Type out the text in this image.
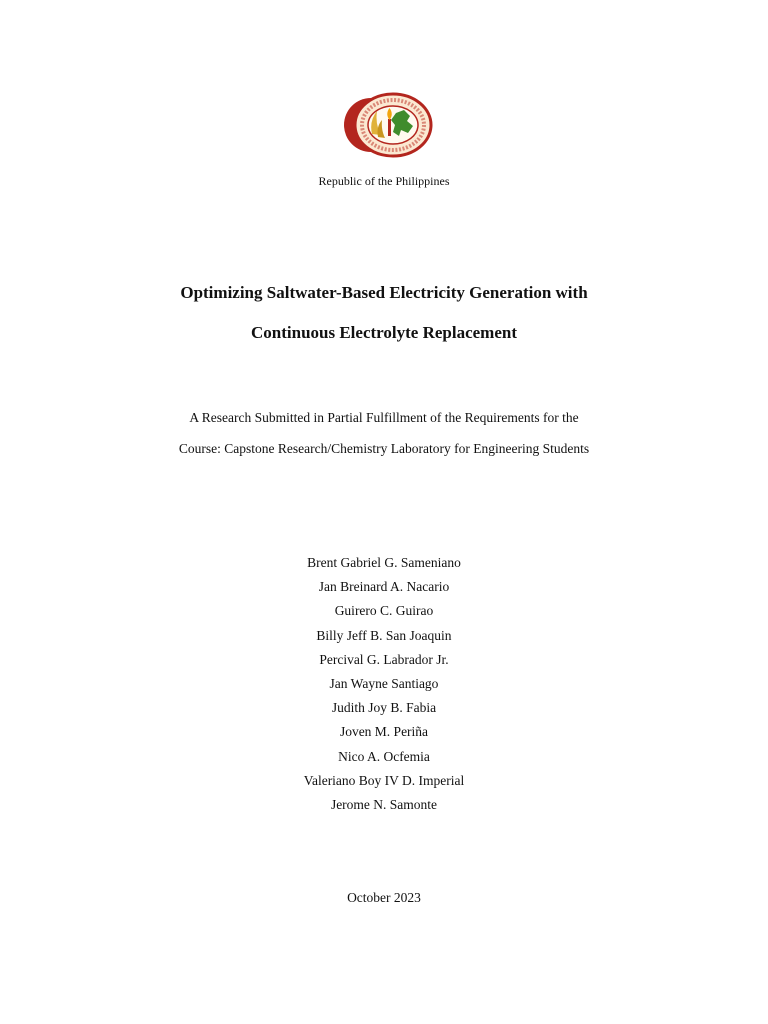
Republic of the Philippines
Optimizing Saltwater-Based Electricity Generation with
Continuous Electrolyte Replacement
A Research Submitted in Partial Fulfillment of the Requirements for the
Course: Capstone Research/Chemistry Laboratory for Engineering Students
Brent Gabriel G. Sameniano
Jan Breinard A. Nacario
Guirero C. Guirao
Billy Jeff B. San Joaquin
Percival G. Labrador Jr.
Jan Wayne Santiago
Judith Joy B. Fabia
Joven M. Periña
Nico A. Ocfemia
Valeriano Boy IV D. Imperial
Jerome N. Samonte
October 2023
